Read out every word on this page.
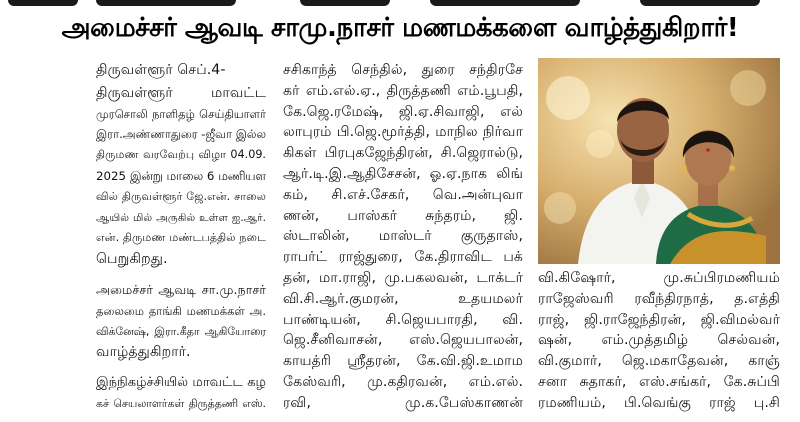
அமைச்சர் ஆவடி சாமு.நாசர் மணமக்களை வாழ்த்துகிறார்!
திருவள்ளூர் செப்.4-
திருவள்ளூர் மாவட்ட
முரசொலி நாளிதழ் செய்தியாளர்
இரா.அண்ணாதுரை -ஜீவா இல்ல
திருமண வரவேற்பு விழா 04.09.
2025 இன்று மாலை 6 மணியள
வில் திருவள்ளூர் ஜே.என். சாலை
ஆயில் மில் அருகில் உள்ள ஐ.ஆர்.
என். திருமண மண்டபத்தில் நடை
பெறுகிறது.
அமைச்சர் ஆவடி சா.மு.நாசர்
தலைமை தாங்கி மணமக்கள் அ.
விக்னேஷ், இரா.கீதா ஆகியோரை
வாழ்த்துகிறார்.
இந்நிகழ்ச்சியில் மாவட்ட கழ
கச் செயலாளர்கள் திருத்தணி எஸ்.
சசிகாந்த் செந்தில், துரை சந்திரசே
கர் எம்.எல்.ஏ., திருத்தணி எம்.பூபதி,
கே.ஜெ.ரமேஷ், ஜி.ஏ.சிவாஜி, எல்
லாபுரம் பி.ஜெ.மூர்த்தி, மாநில நிர்வா
கிகள் பிரபுகஜேந்திரன், சி.ஜெரால்டு,
ஆர்.டி.இ.ஆதிசேசன், ஓ.ஏ.நாக லிங்
கம், சி.எச்.சேகர், வெ.அன்புவா
ணன், பாஸ்கர் சுந்தரம், ஜி.
ஸ்டாலின், மாஸ்டர் குருதாஸ்,
ராபர்ட் ராஜ்துரை, கே.திராவிட பக்
தன், மா.ராஜி, மு.பகலவன், டாக்டர்
வி.சி.ஆர்.குமரன், உதயமலர்
பாண்டியன், சி.ஜெயபாரதி, வி.
ஜெ.சீனிவாசன், எஸ்.ஜெயபாலன்,
காயத்ரி ஸ்ரீதரன், கே.வி.ஜி.உமாம
கேஸ்வரி, மு.கதிரவன், எம்.எல்.
ரவி, மு.க.பேஸ்காணன்
வி.கிஷோர், மு.சுப்பிரமணியம்
ராஜேஸ்வரி ரவீந்திரநாத், த.எத்தி
ராஜ், ஜி.ராஜேந்திரன், ஜி.விமல்வர்
ஷன், எம்.முத்தமிழ் செல்வன்,
வி.குமார், ஜெ.மகாதேவன், காஞ்
சனா சுதாகர், எஸ்.சங்கர், கே.சுப்பி
ரமணியம், பி.வெங்கு ராஜ் பு.சி
